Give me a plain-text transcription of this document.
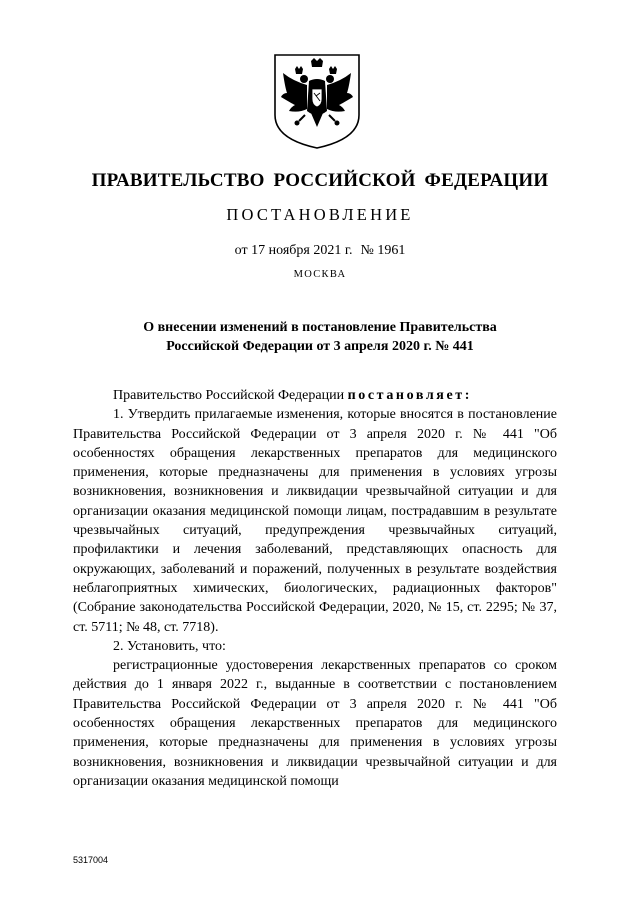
ПРАВИТЕЛЬСТВО РОССИЙСКОЙ ФЕДЕРАЦИИ
ПОСТАНОВЛЕНИЕ
от 17 ноября 2021 г. № 1961
МОСКВА
О внесении изменений в постановление Правительства
Российской Федерации от 3 апреля 2020 г. № 441

Правительство Российской Федерации постановляет:

1. Утвердить прилагаемые изменения, которые вносятся в постановление Правительства Российской Федерации от 3 апреля 2020 г. № 441 "Об особенностях обращения лекарственных препаратов для медицинского применения, которые предназначены для применения в условиях угрозы возникновения, возникновения и ликвидации чрезвычайной ситуации и для организации оказания медицинской помощи лицам, пострадавшим в результате чрезвычайных ситуаций, предупреждения чрезвычайных ситуаций, профилактики и лечения заболеваний, представляющих опасность для окружающих, заболеваний и поражений, полученных в результате воздействия неблагоприятных химических, биологических, радиационных факторов" (Собрание законодательства Российской Федерации, 2020, № 15, ст. 2295; № 37, ст. 5711; № 48, ст. 7718).

2. Установить, что:

регистрационные удостоверения лекарственных препаратов со сроком действия до 1 января 2022 г., выданные в соответствии с постановлением Правительства Российской Федерации от 3 апреля 2020 г. № 441 "Об особенностях обращения лекарственных препаратов для медицинского применения, которые предназначены для применения в условиях угрозы возникновения, возникновения и ликвидации чрезвычайной ситуации и для организации оказания медицинской помощи

5317004
